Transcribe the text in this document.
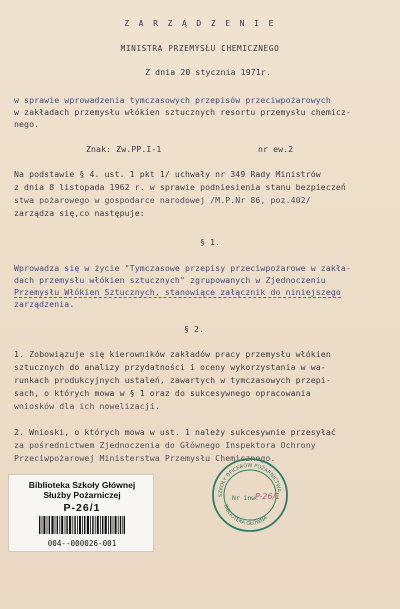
Z A R Z Ą D Z E N I E
MINISTRA PRZEMYSŁU CHEMICZNEGO
Z dnia 20 stycznia 1971r.
w sprawie wprowadzenia tymczasowych przepisów przeciwpożarowych
w zakładach przemysłu włókien sztucznych resortu przemysłu chemicz-
nego.
Znak: Zw.PP.I-1	nr ew.2
Na podstawie § 4. ust. 1 pkt 1/ uchwały nr 349 Rady Ministrów
z dnia 8 listopada 1962 r. w sprawie podniesienia stanu bezpieczeń
stwa pożarowego w gospodarce narodowej /M.P.Nr 86, poz.402/
zarządza się,co następuje:
§ 1.
Wprowadza się w życie "Tymczasowe przepisy przeciwpożarowe w zakła-
dach przemysłu włókien sztucznych" zgrupowanych w Zjednoczeniu
Przemysłu Włókien Sztucznych, stanowiące załącznik do niniejszego
zarządzenia.
§ 2.
1. Zobowiązuje się kierowników zakładów pracy przemysłu włókien
sztucznych do analizy przydatności i oceny wykorzystania w wa-
runkach produkcyjnych ustaleń, zawartych w tymczasowych przepi-
sach, o których mowa w § 1 oraz do sukcesywnego opracowania
wniosków dla ich nowelizacji.
2. Wnioski, o których mowa w ust. 1 należy sukcesywnie przesyłać
za pośrednictwem Zjednoczenia do Głównego Inspektora Ochrony
Przeciwpożarowej Ministerstwa Przemysłu Chemicznego.
Biblioteka Szkoły Głównej
Służby Pożarniczej
P-26/1
004--000026-001
SZKOŁY OFICERÓW POŻARNICTWA
BIBLIOTEKA GŁÓWNA
Nr inw.
P-26/1
